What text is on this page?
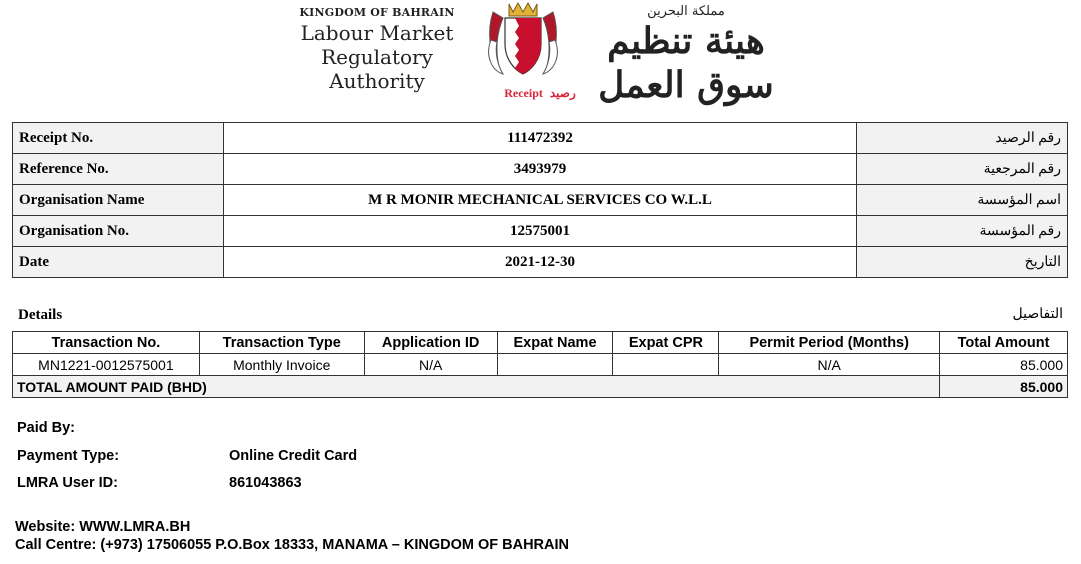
KINGDOM OF BAHRAIN
Labour Market
Regulatory Authority
مملكة البحرين
هيئة تنظيم سوق العمل
Receipt رصيد
Receipt No.	111472392	رقم الرصيد
Reference No.	3493979	رقم المرجعية
Organisation Name	M R MONIR MECHANICAL SERVICES CO W.L.L	اسم المؤسسة
Organisation No.	12575001	رقم المؤسسة
Date	2021-12-30	التاريخ
Details	التفاصيل
Transaction No.	Transaction Type	Application ID	Expat Name	Expat CPR	Permit Period (Months)	Total Amount
MN1221-0012575001	Monthly Invoice	N/A			N/A	85.000
TOTAL AMOUNT PAID (BHD)						85.000
Paid By:
Payment Type:	Online Credit Card
LMRA User ID:	861043863
Website: WWW.LMRA.BH
Call Centre: (+973) 17506055 P.O.Box 18333, MANAMA – KINGDOM OF BAHRAIN
